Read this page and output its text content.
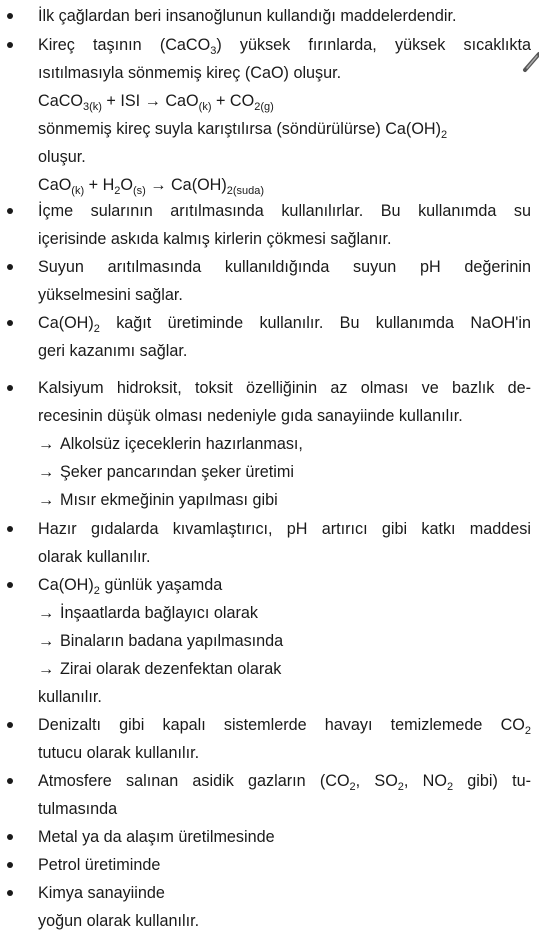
İlk çağlardan beri insanoğlunun kullandığı maddelerdendir.
Kireç taşının (CaCO$_3$) yüksek fırınlarda, yüksek sıcaklıkta
ısıtılmasıyla sönmemiş kireç (CaO) oluşur.
CaCO$_{3(k)}$ + ISI → $CaO_{(k)} + CO_{2(g)}$
sönmemiş kireç suyla karıştılırsa (söndürülürse) $Ca(OH)_2$
oluşur.
$CaO_{(k)} + H_2O_{(s)} \to Ca(OH)_{2(suda)}$
İçme sularının arıtılmasında kullanılırlar. Bu kullanımda su
içerisinde askıda kalmış kirlerin çökmesi sağlanır.
Suyun arıtılmasında kullanıldığında suyun pH değerinin
yükselmesini sağlar.
$Ca(OH)_2$ kağıt üretiminde kullanılır. Bu kullanımda NaOH'in
geri kazanımı sağlar.
Kalsiyum hidroksit, toksit özelliğinin az olması ve bazlık de-
recesinin düşük olması nedeniyle gıda sanayiinde kullanılır.
→ Alkolsüz içeceklerin hazırlanması,
→ Şeker pancarından şeker üretimi
→ Mısır ekmeğinin yapılması gibi
Hazır gıdalarda kıvamlaştırıcı, pH artırıcı gibi katkı maddesi
olarak kullanılır.
$Ca(OH)_2$ günlük yaşamda
→ İnşaatlarda bağlayıcı olarak
→ Binaların badana yapılmasında
→ Zirai olarak dezenfektan olarak
kullanılır.
Denizaltı gibi kapalı sistemlerde havayı temizlemede $CO_2$
tutucu olarak kullanılır.
Atmosfere salınan asidik gazların ($CO_2$, $SO_2$, $NO_2$ gibi) tu-
tulmasında
Metal ya da alaşım üretilmesinde
Petrol üretiminde
Kimya sanayiinde
yoğun olarak kullanılır.
